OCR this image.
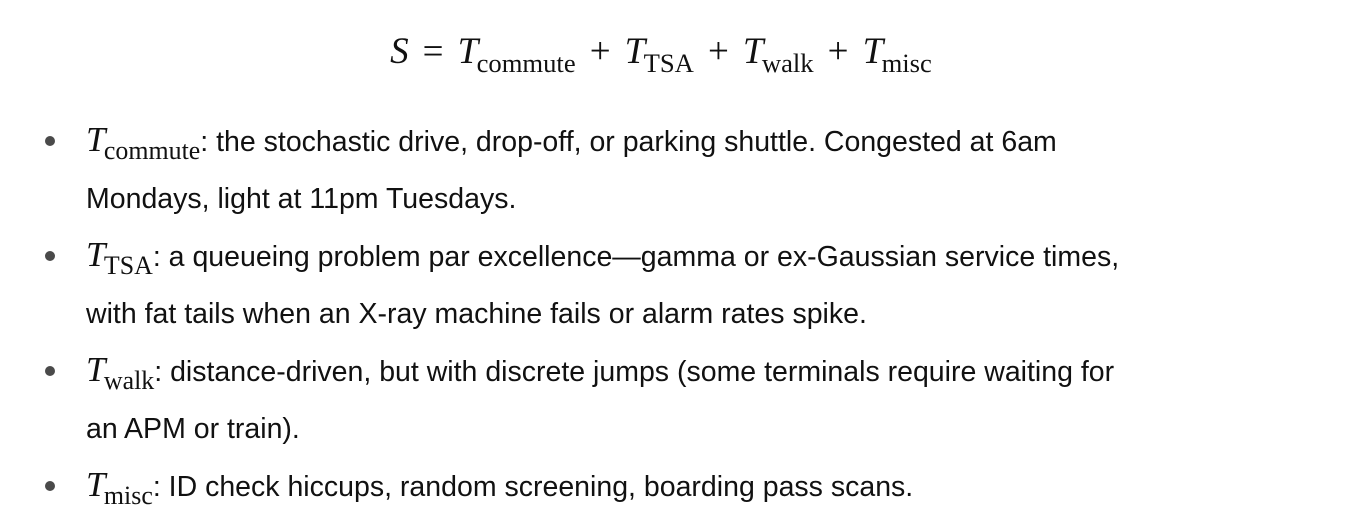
$S = T_{commute} + T_{TSA} + T_{walk} + T_{misc}$
$T_{commute}$: the stochastic drive, drop-off, or parking shuttle. Congested at 6am
Mondays, light at 11pm Tuesdays.
$T_{TSA}$: a queueing problem par excellence—gamma or ex-Gaussian service times,
with fat tails when an X-ray machine fails or alarm rates spike.
$T_{walk}$: distance-driven, but with discrete jumps (some terminals require waiting for
an APM or train).
$T_{misc}$: ID check hiccups, random screening, boarding pass scans.
